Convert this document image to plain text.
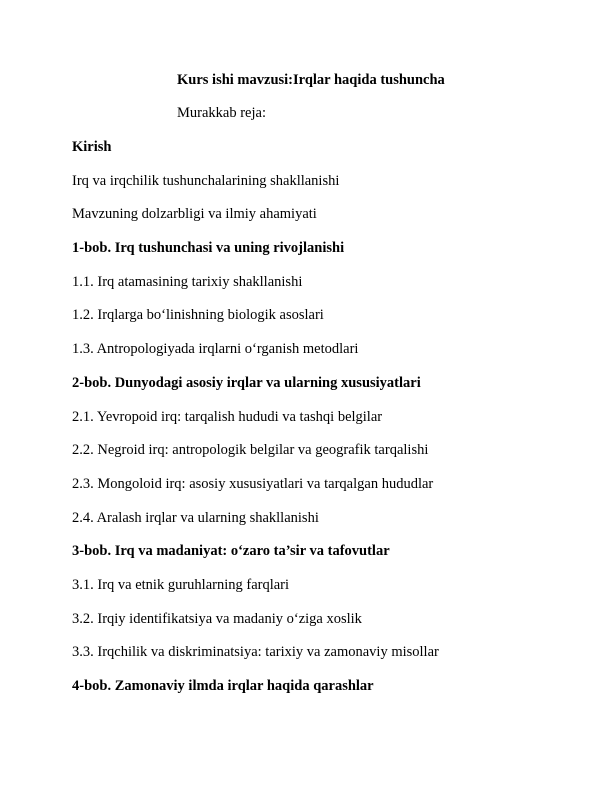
Kurs ishi mavzusi:Irqlar haqida tushuncha
Murakkab reja:
Kirish
Irq va irqchilik tushunchalarining shakllanishi
Mavzuning dolzarbligi va ilmiy ahamiyati
1-bob. Irq tushunchasi va uning rivojlanishi
1.1. Irq atamasining tarixiy shakllanishi
1.2. Irqlarga bo‘linishning biologik asoslari
1.3. Antropologiyada irqlarni o‘rganish metodlari
2-bob. Dunyodagi asosiy irqlar va ularning xususiyatlari
2.1. Yevropoid irq: tarqalish hududi va tashqi belgilar
2.2. Negroid irq: antropologik belgilar va geografik tarqalishi
2.3. Mongoloid irq: asosiy xususiyatlari va tarqalgan hududlar
2.4. Aralash irqlar va ularning shakllanishi
3-bob. Irq va madaniyat: o‘zaro ta’sir va tafovutlar
3.1. Irq va etnik guruhlarning farqlari
3.2. Irqiy identifikatsiya va madaniy o‘ziga xoslik
3.3. Irqchilik va diskriminatsiya: tarixiy va zamonaviy misollar
4-bob. Zamonaviy ilmda irqlar haqida qarashlar
